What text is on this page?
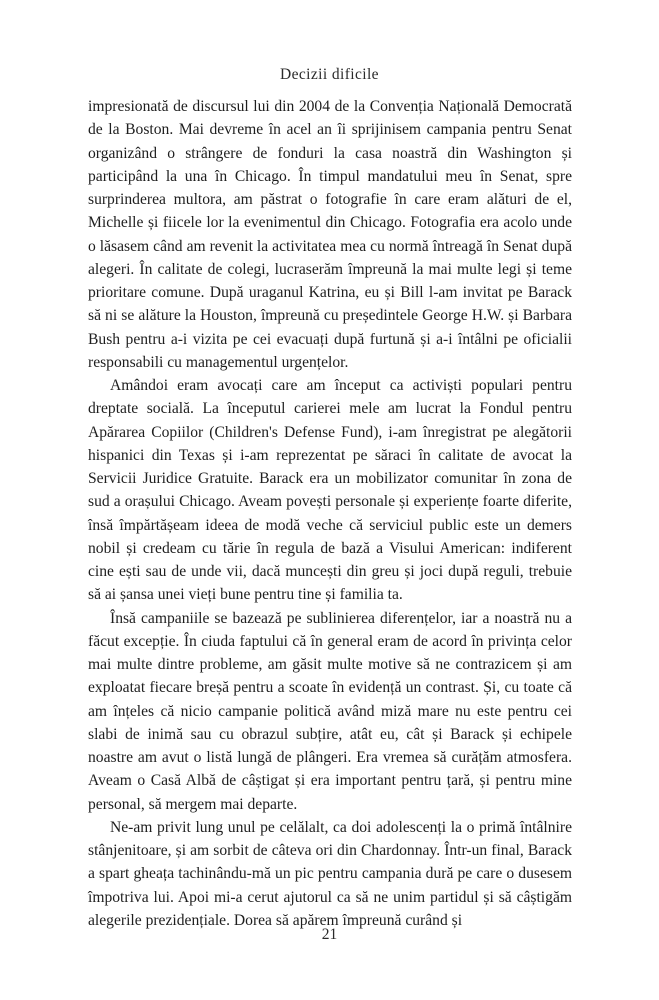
Decizii dificile

impresionată de discursul lui din 2004 de la Convenția Națională Democrată de la Boston. Mai devreme în acel an îi sprijinisem campania pentru Senat organizând o strângere de fonduri la casa noastră din Washington și participând la una în Chicago. În timpul mandatului meu în Senat, spre surprinderea multora, am păstrat o fotografie în care eram alături de el, Michelle și fiicele lor la evenimentul din Chicago. Fotografia era acolo unde o lăsasem când am revenit la activitatea mea cu normă întreagă în Senat după alegeri. În calitate de colegi, lucraserăm împreună la mai multe legi și teme prioritare comune. După uraganul Katrina, eu și Bill l-am invitat pe Barack să ni se alăture la Houston, împreună cu președintele George H.W. și Barbara Bush pentru a-i vizita pe cei evacuați după furtună și a-i întâlni pe oficialii responsabili cu managementul urgențelor.

Amândoi eram avocați care am început ca activiști populari pentru dreptate socială. La începutul carierei mele am lucrat la Fondul pentru Apărarea Copiilor (Children's Defense Fund), i-am înregistrat pe alegătorii hispanici din Texas și i-am reprezentat pe săraci în calitate de avocat la Servicii Juridice Gratuite. Barack era un mobilizator comunitar în zona de sud a orașului Chicago. Aveam povești personale și experiențe foarte diferite, însă împărtășeam ideea de modă veche că serviciul public este un demers nobil și credeam cu tărie în regula de bază a Visului American: indiferent cine ești sau de unde vii, dacă muncești din greu și joci după reguli, trebuie să ai șansa unei vieți bune pentru tine și familia ta.

Însă campaniile se bazează pe sublinierea diferențelor, iar a noastră nu a făcut excepție. În ciuda faptului că în general eram de acord în privința celor mai multe dintre probleme, am găsit multe motive să ne contrazicem și am exploatat fiecare breșă pentru a scoate în evidență un contrast. Și, cu toate că am înțeles că nicio campanie politică având miză mare nu este pentru cei slabi de inimă sau cu obrazul subțire, atât eu, cât și Barack și echipele noastre am avut o listă lungă de plângeri. Era vremea să curățăm atmosfera. Aveam o Casă Albă de câștigat și era important pentru țară, și pentru mine personal, să mergem mai departe.

Ne-am privit lung unul pe celălalt, ca doi adolescenți la o primă întâlnire stânjenitoare, și am sorbit de câteva ori din Chardonnay. Într-un final, Barack a spart gheața tachinându-mă un pic pentru campania dură pe care o dusesem împotriva lui. Apoi mi-a cerut ajutorul ca să ne unim partidul și să câștigăm alegerile prezidențiale. Dorea să apărem împreună curând și

21
